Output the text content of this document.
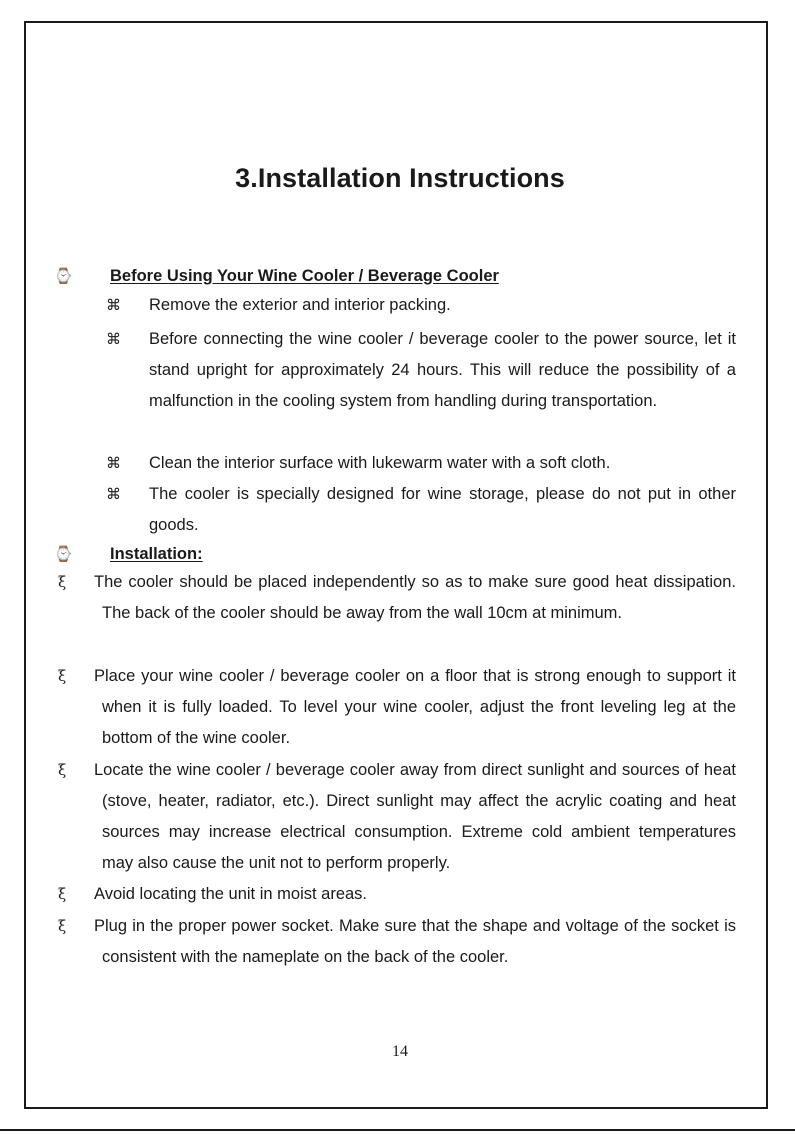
3.Installation Instructions
⌚	Before Using Your Wine Cooler / Beverage Cooler
⌘ Remove the exterior and interior packing.
⌘ Before connecting the wine cooler / beverage cooler to the power source, let it stand upright for approximately 24 hours. This will reduce the possibility of a malfunction in the cooling system from handling during transportation.
⌘ Clean the interior surface with lukewarm water with a soft cloth.
⌘ The cooler is specially designed for wine storage, please do not put in other goods.
⌚	Installation:
ξ The cooler should be placed independently so as to make sure good heat dissipation. The back of the cooler should be away from the wall 10cm at minimum.
ξ Place your wine cooler / beverage cooler on a floor that is strong enough to support it when it is fully loaded. To level your wine cooler, adjust the front leveling leg at the bottom of the wine cooler.
ξ Locate the wine cooler / beverage cooler away from direct sunlight and sources of heat (stove, heater, radiator, etc.). Direct sunlight may affect the acrylic coating and heat sources may increase electrical consumption. Extreme cold ambient temperatures may also cause the unit not to perform properly.
ξ Avoid locating the unit in moist areas.
ξ Plug in the proper power socket. Make sure that the shape and voltage of the socket is consistent with the nameplate on the back of the cooler.
14
